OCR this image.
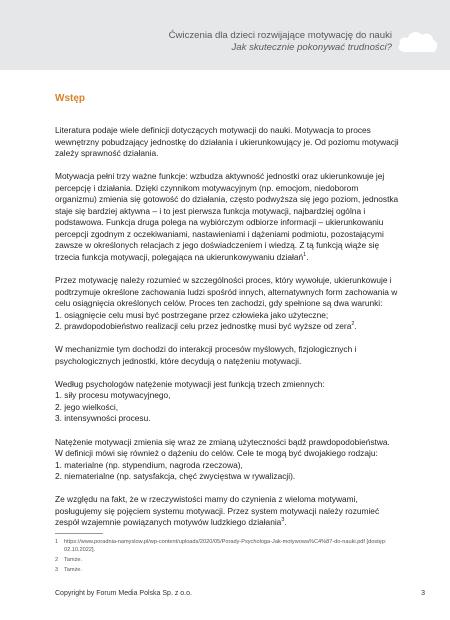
Ćwiczenia dla dzieci rozwijające motywację do nauki
Jak skutecznie pokonywać trudności?
Wstęp

Literatura podaje wiele definicji dotyczących motywacji do nauki. Motywacja to proces wewnętrzny pobudzający jednostkę do działania i ukierunkowujący je. Od poziomu motywacji zależy sprawność działania.

Motywacja pełni trzy ważne funkcje: wzbudza aktywność jednostki oraz ukierunkowuje jej percepcję i działania. Dzięki czynnikom motywacyjnym (np. emocjom, niedoborom organizmu) zmienia się gotowość do działania, często podwyższa się jego poziom, jednostka staje się bardziej aktywna – i to jest pierwsza funkcja motywacji, najbardziej ogólna i podstawowa. Funkcja druga polega na wybiórczym odbiorze informacji – ukierunkowaniu percepcji zgodnym z oczekiwaniami, nastawieniami i dążeniami podmiotu, pozostającymi zawsze w określonych relacjach z jego doświadczeniem i wiedzą. Z tą funkcją wiąże się trzecia funkcja motywacji, polegająca na ukierunkowywaniu działań$^1$.

Przez motywację należy rozumieć w szczególności proces, który wywołuje, ukierunkowuje i podtrzymuje określone zachowania ludzi spośród innych, alternatywnych form zachowania w celu osiągnięcia określonych celów. Proces ten zachodzi, gdy spełnione są dwa warunki:
1. osiągnięcie celu musi być postrzegane przez człowieka jako użyteczne;
2. prawdopodobieństwo realizacji celu przez jednostkę musi być wyższe od zera$^2$.

W mechanizmie tym dochodzi do interakcji procesów myślowych, fizjologicznych i psychologicznych jednostki, które decydują o natężeniu motywacji.

Według psychologów natężenie motywacji jest funkcją trzech zmiennych:
1. siły procesu motywacyjnego,
2. jego wielkości,
3. intensywności procesu.

Natężenie motywacji zmienia się wraz ze zmianą użyteczności bądź prawdopodobieństwa. W definicji mówi się również o dążeniu do celów. Cele te mogą być dwojakiego rodzaju:
1. materialne (np. stypendium, nagroda rzeczowa),
2. niematerialne (np. satysfakcja, chęć zwycięstwa w rywalizacji).

Ze względu na fakt, że w rzeczywistości mamy do czynienia z wieloma motywami, posługujemy się pojęciem systemu motywacji. Przez system motywacji należy rozumieć zespół wzajemnie powiązanych motywów ludzkiego działania$^3$.

1	https://www.poradnia-namyslow.pl/wp-content/uploads/2020/05/Porady-Psychologa-Jak-motywowa%C4%87-do-nauki.pdf [dostęp: 02.10.2022].
2	Tamże.
3	Tamże.
Copyright by Forum Media Polska Sp. z o.o.	3
